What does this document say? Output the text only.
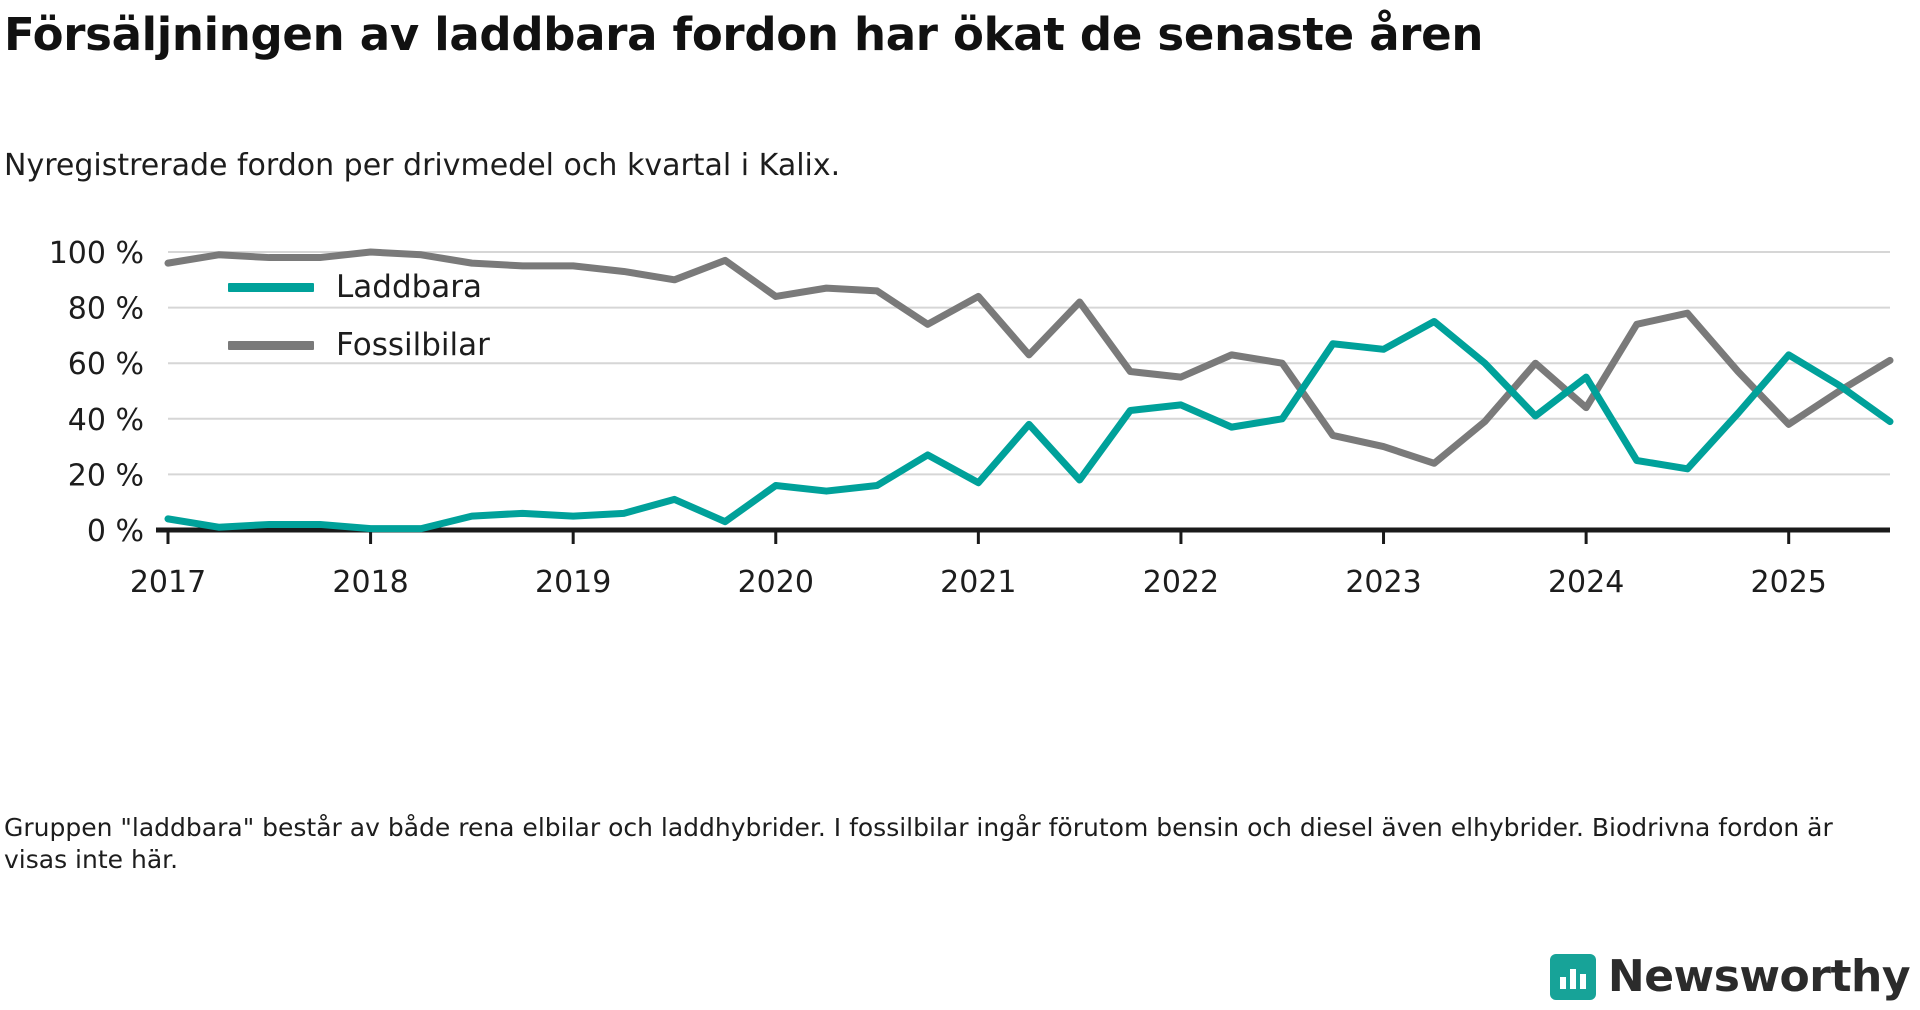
Försäljningen av laddbara fordon har ökat de senaste åren
Nyregistrerade fordon per drivmedel och kvartal i Kalix.
0 %
20 %
40 %
60 %
80 %
100 %
2017	2018	2019	2020	2021	2022	2023	2024	2025
Laddbara
Fossilbilar
Gruppen "laddbara" består av både rena elbilar och laddhybrider. I fossilbilar ingår förutom bensin och diesel även elhybrider. Biodrivna fordon är visas inte här.
Newsworthy
